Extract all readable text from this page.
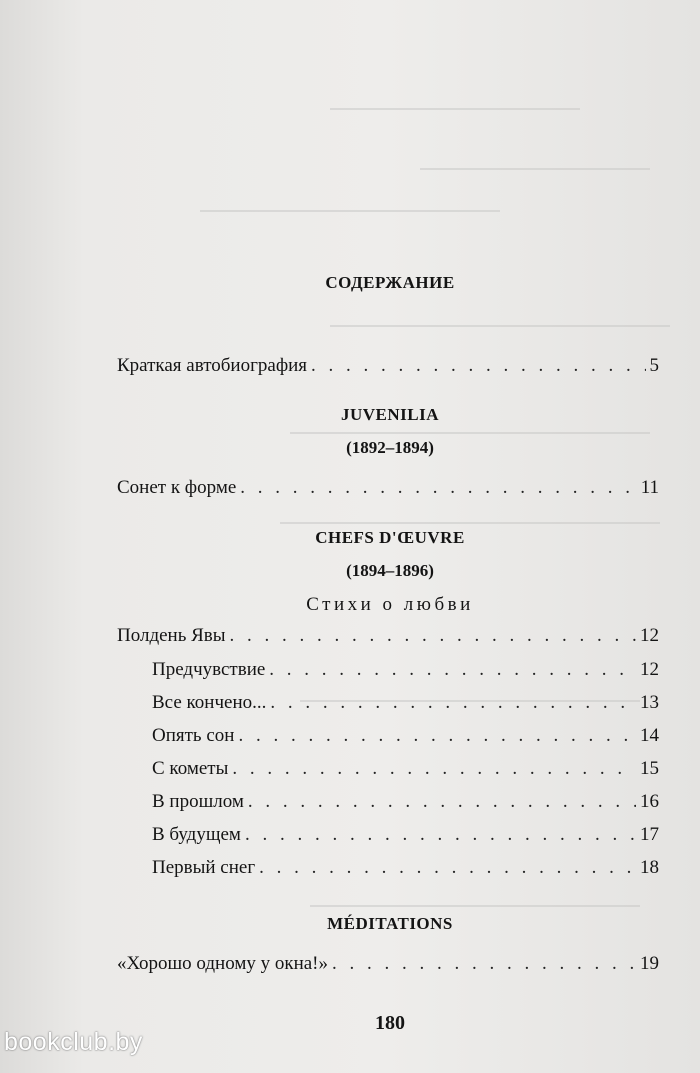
СОДЕРЖАНИЕ
Краткая автобиография . . .	5
JUVENILIA
(1892–1894)
Сонет к форме . . .	11
CHEFS D'ŒUVRE
(1894–1896)
Стихи о любви
Полдень Явы . . .	12
Предчувствие . . .	12
Все кончено... . . .	13
Опять сон . . .	14
С кометы . . .	15
В прошлом . . .	16
В будущем . . .	17
Первый снег . . .	18
MÉDITATIONS
«Хорошо одному у окна!» . . .	19
180
bookclub.by
